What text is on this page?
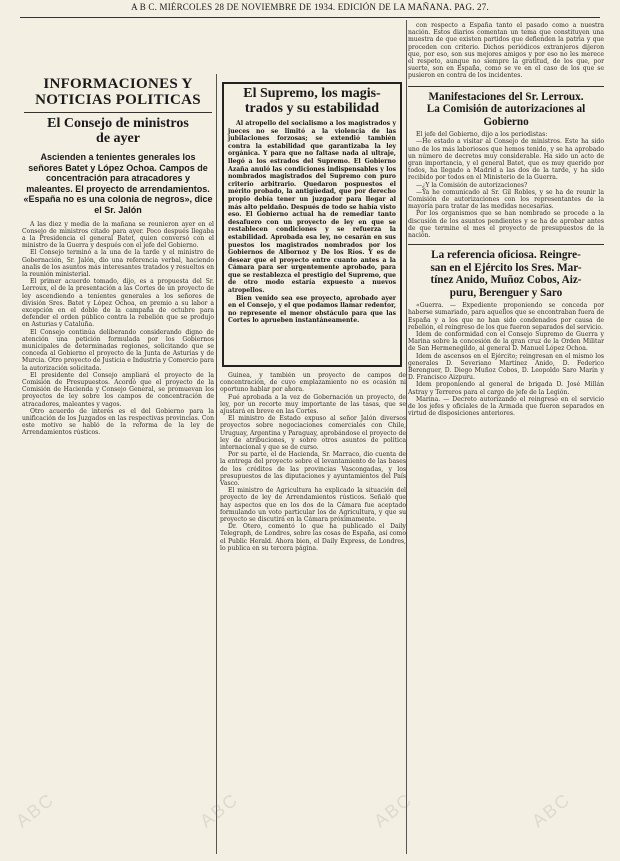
A B C. MIÉRCOLES 28 DE NOVIEMBRE DE 1934. EDICIÓN DE LA MAÑANA. PAG. 27.
INFORMACIONES Y
NOTICIAS POLITICAS
El Consejo de ministros
de ayer
Ascienden a tenientes generales los señores Batet y López Ochoa. Campos de concentración para atracadores y maleantes. El proyecto de arrendamientos. «España no es una colonia de negros», dice el Sr. Jalón

A las diez y media de la mañana se reunieron ayer en el Consejo de ministros citado para ayer. Poco después llegaba a la Presidencia el general Batet, quien conversó con el ministro de la Guerra y después con el jefe del Gobierno.

El Consejo terminó a la una de la tarde y el ministro de Gobernación, Sr. Jalón, dio una referencia verbal, haciendo analis de los asuntos más interesantes tratados y resueltos en la reunión ministerial.

El primer acuerdo tomado, dijo, es a propuesta del Sr. Lerroux, el de la presentación a las Cortes de un proyecto de ley ascendiendo a tenientes generales a los señores de división Sres. Batet y López Ochoa, en premio a su labor a excepción en el doble de la campaña de octubre para defender el orden público contra la rebelión que se produjo en Asturias y Cataluña.

El Consejo continúa deliberando considerando digno de atención una petición formulada por los Gobiernos municipales de determinadas regiones, solicitando que se conceda al Gobierno el proyecto de la Junta de Asturias y de Murcia. Otro proyecto de Justicia e Industria y Comercio para la autorización solicitada.

El presidente del Consejo ampliará el proyecto de la Comisión de Presupuestos. Acordó que el proyecto de la Comisión de Hacienda y Consejo General, se promuevan los proyectos de ley sobre los campos de concentración de atracadores, maleantes y vagos.

Otro acuerdo de interés es el del Gobierno para la unificación de los Juzgados en las respectivas provincias. Con este motivo se habló de la reforma de la ley de Arrendamientos rústicos.

El Supremo, los magis-
trados y su estabilidad

Al atropello del socialismo a los magistrados y jueces no se limitó a la violencia de las jubilaciones forzosas; se extendió también contra la estabilidad que garantizaba la ley orgánica. Y para que no faltase nada al ultraje, llegó a los estrados del Supremo. El Gobierno Azaña anuló las condiciones indispensables y los nombrados magistrados del Supremo con puro criterio arbitrario. Quedaron pospuestos el mérito probado, la antigüedad, que por derecho propio debía tener un juzgador para llegar al más alto peldaño. Después de todo se había visto eso. El Gobierno actual ha de remediar tanto desafuero con un proyecto de ley en que se restablecen condiciones y se refuerza la estabilidad. Aprobada esa ley, no cesarán en sus puestos los magistrados nombrados por los Gobiernos de Albornoz y De los Ríos. Y es de desear que el proyecto entre cuanto antes a la Cámara para ser urgentemente aprobado, para que se restablezca el prestigio del Supremo, que de otro modo estaría expuesto a nuevos atropellos.

Bien venido sea ese proyecto, aprobado ayer en el Consejo, y el que podamos llamar redentor, no represente el menor obstáculo para que las Cortes lo aprueben instantáneamente.

Guinea, y también un proyecto de campos de concentración, de cuyo emplazamiento no es ocasión ni oportuno hablar por ahora.

Fué aprobada a la vez de Gobernación un proyecto, de ley, por un recorte muy importante de las tasas, que se ajustará en breve en las Cortes.

El ministro de Estado expuso al señor Jalón diversos proyectos sobre negociaciones comerciales con Chile, Uruguay, Argentina y Paraguay, aprobándose el proyecto de ley de atribuciones, y sobre otros asuntos de política internacional y que se de curso.

Por su parte, el de Hacienda, Sr. Marraco, dio cuenta de la entrega del proyecto sobre el levantamiento de las bases de los créditos de las provincias Vascongadas, y los presupuestos de las diputaciones y ayuntamientos del País Vasco.

El ministro de Agricultura ha explicado la situación del proyecto de ley de Arrendamientos rústicos. Señaló que hay aspectos que en los dos de la Cámara fue aceptado formulando un voto particular los de Agricultura, y que su proyecto se discutirá en la Cámara próximamente.

Dr. Otero, comentó lo que ha publicado el Daily Telegraph, de Londres, sobre las cosas de España, así como el Public Herald. Ahora bien, el Daily Express, de Londres, lo publica en su tercera página.

con respecto a España tanto el pasado como a nuestra nación. Estos diarios comentan un tema que constituyen una muestra de que existen partidos que defienden la patria y que proceden con criterio. Dichos periódicos extranjeros dijeron que, por eso, son sus mejores amigos y por eso no les merece el respeto, aunque no siempre la gratitud, de los que, por suerte, son en España, como se ve en el caso de los que se pusieron en contra de los incidentes.

Manifestaciones del Sr. Lerroux.
La Comisión de autorizaciones al
Gobierno

El jefe del Gobierno, dijo a los periodistas:

—He estado a visitar al Consejo de ministros. Este ha sido uno de los más laboriosos que hemos tenido, y se ha aprobado un número de decretos muy considerable. Ha sido un acto de gran importancia, y el general Batet, que es muy querido por todos, ha llegado a Madrid a las dos de la tarde, y ha sido recibido por todos en el Ministerio de la Guerra.

—¿Y la Comisión de autorizaciones?

—Ya he comunicado al Sr. Gil Robles, y se ha de reunir la Comisión de autorizaciones con los representantes de la mayoría para tratar de las medidas necesarias.

Por los organismos que se han nombrado se procede a la discusión de los asuntos pendientes y se ha de aprobar antes de que termine el mes el proyecto de presupuestos de la nación.

La referencia oficiosa. Reingre-
san en el Ejército los Sres. Mar-
tínez Anido, Muñoz Cobos, Aiz-
puru, Berenguer y Saro

«Guerra. — Expediente proponiendo se conceda por haberse sumariado, para aquellos que se encontraban fuera de España y a los que no han sido condenados por causa de rebelión, el reingreso de los que fueron separados del servicio.

Idem de conformidad con el Consejo Supremo de Guerra y Marina sobre la concesión de la gran cruz de la Orden Militar de San Hermenegildo, al general D. Manuel López Ochoa.

Idem de ascensos en el Ejército; reingresan en el mismo los generales D. Severiano Martínez Anido, D. Federico Berenguer, D. Diego Muñoz Cobos, D. Leopoldo Saro Marín y D. Francisco Aizpuru.

Idem proponiendo al general de brigada D. José Millán Astray y Terreros para el cargo de jefe de la Legión.

Marina. — Decreto autorizando el reingreso en el servicio de los jefes y oficiales de la Armada que fueron separados en virtud de disposiciones anteriores.

ABC	ABC	ABC	ABC
